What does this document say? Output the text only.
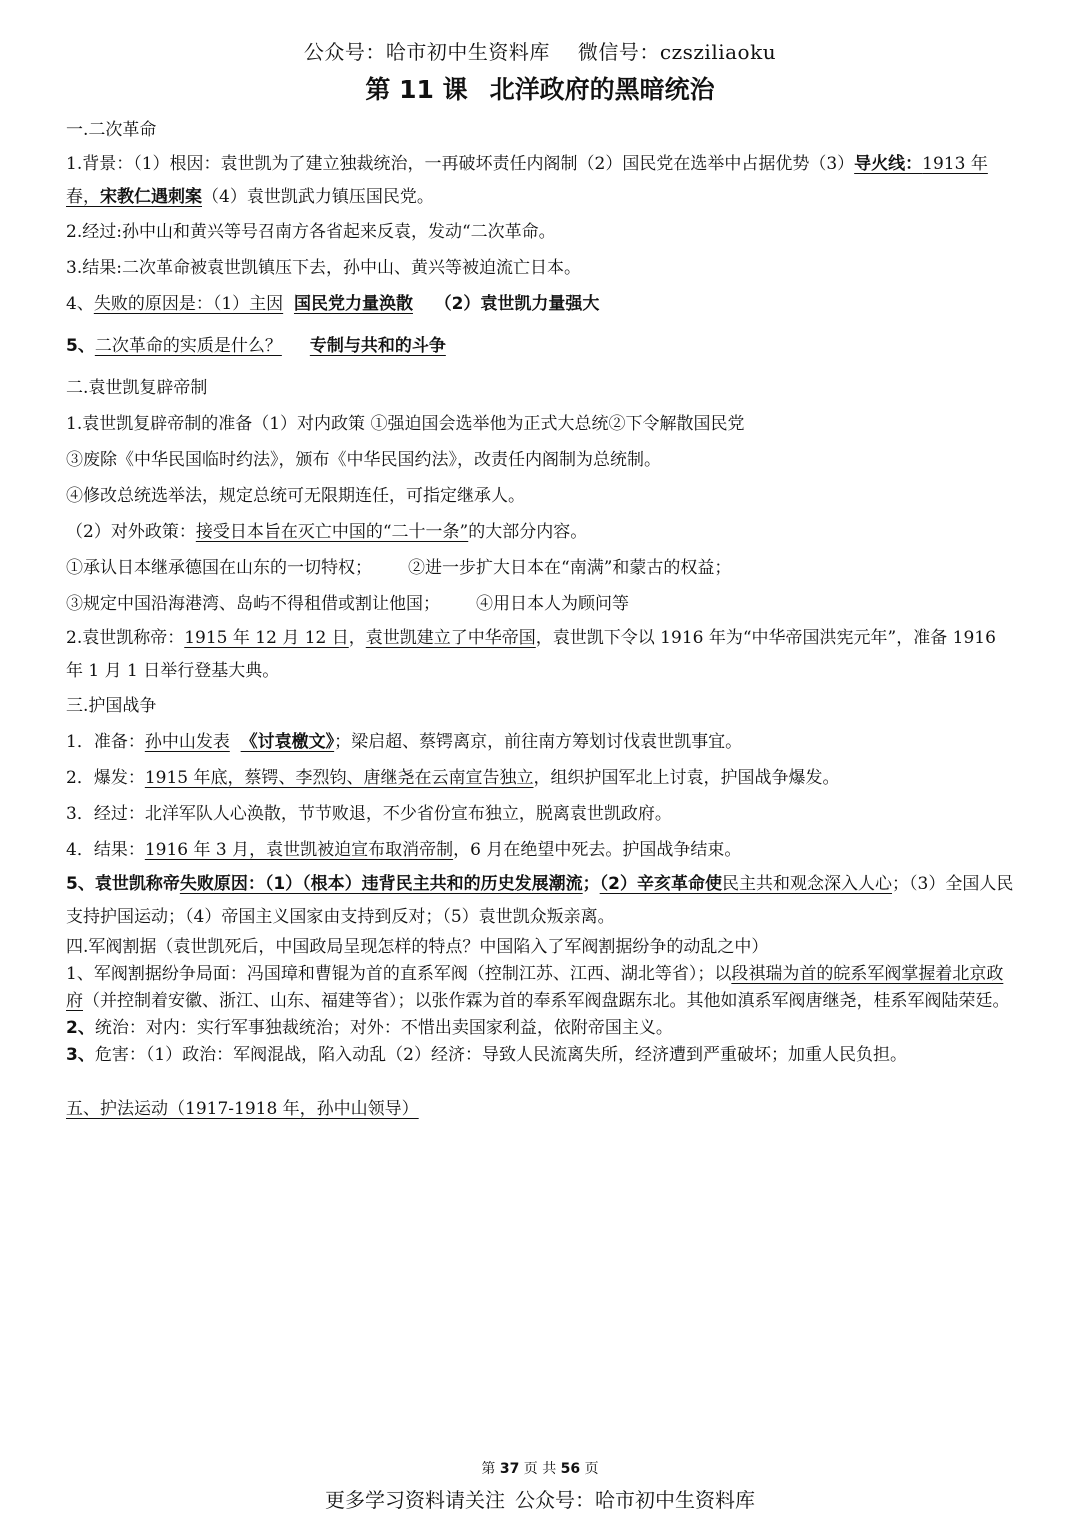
公众号：哈市初中生资料库 微信号：czsziliaoku
第 11 课 北洋政府的黑暗统治
一.二次革命
1.背景：（1）根因：袁世凯为了建立独裁统治，一再破坏责任内阁制（2）国民党在选举中占据优势（3）导火线：1913 年春，宋教仁遇刺案（4）袁世凯武力镇压国民党。
2.经过:孙中山和黄兴等号召南方各省起来反袁，发动“二次革命。
3.结果:二次革命被袁世凯镇压下去，孙中山、黄兴等被迫流亡日本。
4、失败的原因是：（1）主因 国民党力量涣散 （2）袁世凯力量强大
5、二次革命的实质是什么？ 专制与共和的斗争
二.袁世凯复辟帝制
1.袁世凯复辟帝制的准备（1）对内政策 ①强迫国会选举他为正式大总统②下令解散国民党
③废除《中华民国临时约法》，颁布《中华民国约法》，改责任内阁制为总统制。
④修改总统选举法，规定总统可无限期连任，可指定继承人。
（2）对外政策：接受日本旨在灭亡中国的“二十一条”的大部分内容。
①承认日本继承德国在山东的一切特权； ②进一步扩大日本在“南满”和蒙古的权益；
③规定中国沿海港湾、岛屿不得租借或割让他国； ④用日本人为顾问等
2.袁世凯称帝：1915 年 12 月 12 日，袁世凯建立了中华帝国，袁世凯下令以 1916 年为“中华帝国洪宪元年”，准备 1916 年 1 月 1 日举行登基大典。
三.护国战争
1．准备：孙中山发表 《讨袁檄文》；梁启超、蔡锷离京，前往南方筹划讨伐袁世凯事宜。
2．爆发：1915 年底，蔡锷、李烈钧、唐继尧在云南宣告独立，组织护国军北上讨袁，护国战争爆发。
3．经过：北洋军队人心涣散，节节败退，不少省份宣布独立，脱离袁世凯政府。
4．结果：1916 年 3 月，袁世凯被迫宣布取消帝制，6 月在绝望中死去。护国战争结束。
5、袁世凯称帝失败原因：（1）（根本）违背民主共和的历史发展潮流；（2）辛亥革命使民主共和观念深入人心；（3）全国人民支持护国运动；（4）帝国主义国家由支持到反对；（5）袁世凯众叛亲离。
四.军阀割据（袁世凯死后，中国政局呈现怎样的特点？中国陷入了军阀割据纷争的动乱之中）
1、军阀割据纷争局面：冯国璋和曹锟为首的直系军阀（控制江苏、江西、湖北等省）；以段祺瑞为首的皖系军阀掌握着北京政府（并控制着安徽、浙江、山东、福建等省）；以张作霖为首的奉系军阀盘踞东北。其他如滇系军阀唐继尧，桂系军阀陆荣廷。
2、统治：对内：实行军事独裁统治；对外：不惜出卖国家利益，依附帝国主义。
3、危害：（1）政治：军阀混战，陷入动乱（2）经济：导致人民流离失所，经济遭到严重破坏；加重人民负担。
五、护法运动（1917-1918 年，孙中山领导）
第 37 页 共 56 页
更多学习资料请关注 公众号：哈市初中生资料库
